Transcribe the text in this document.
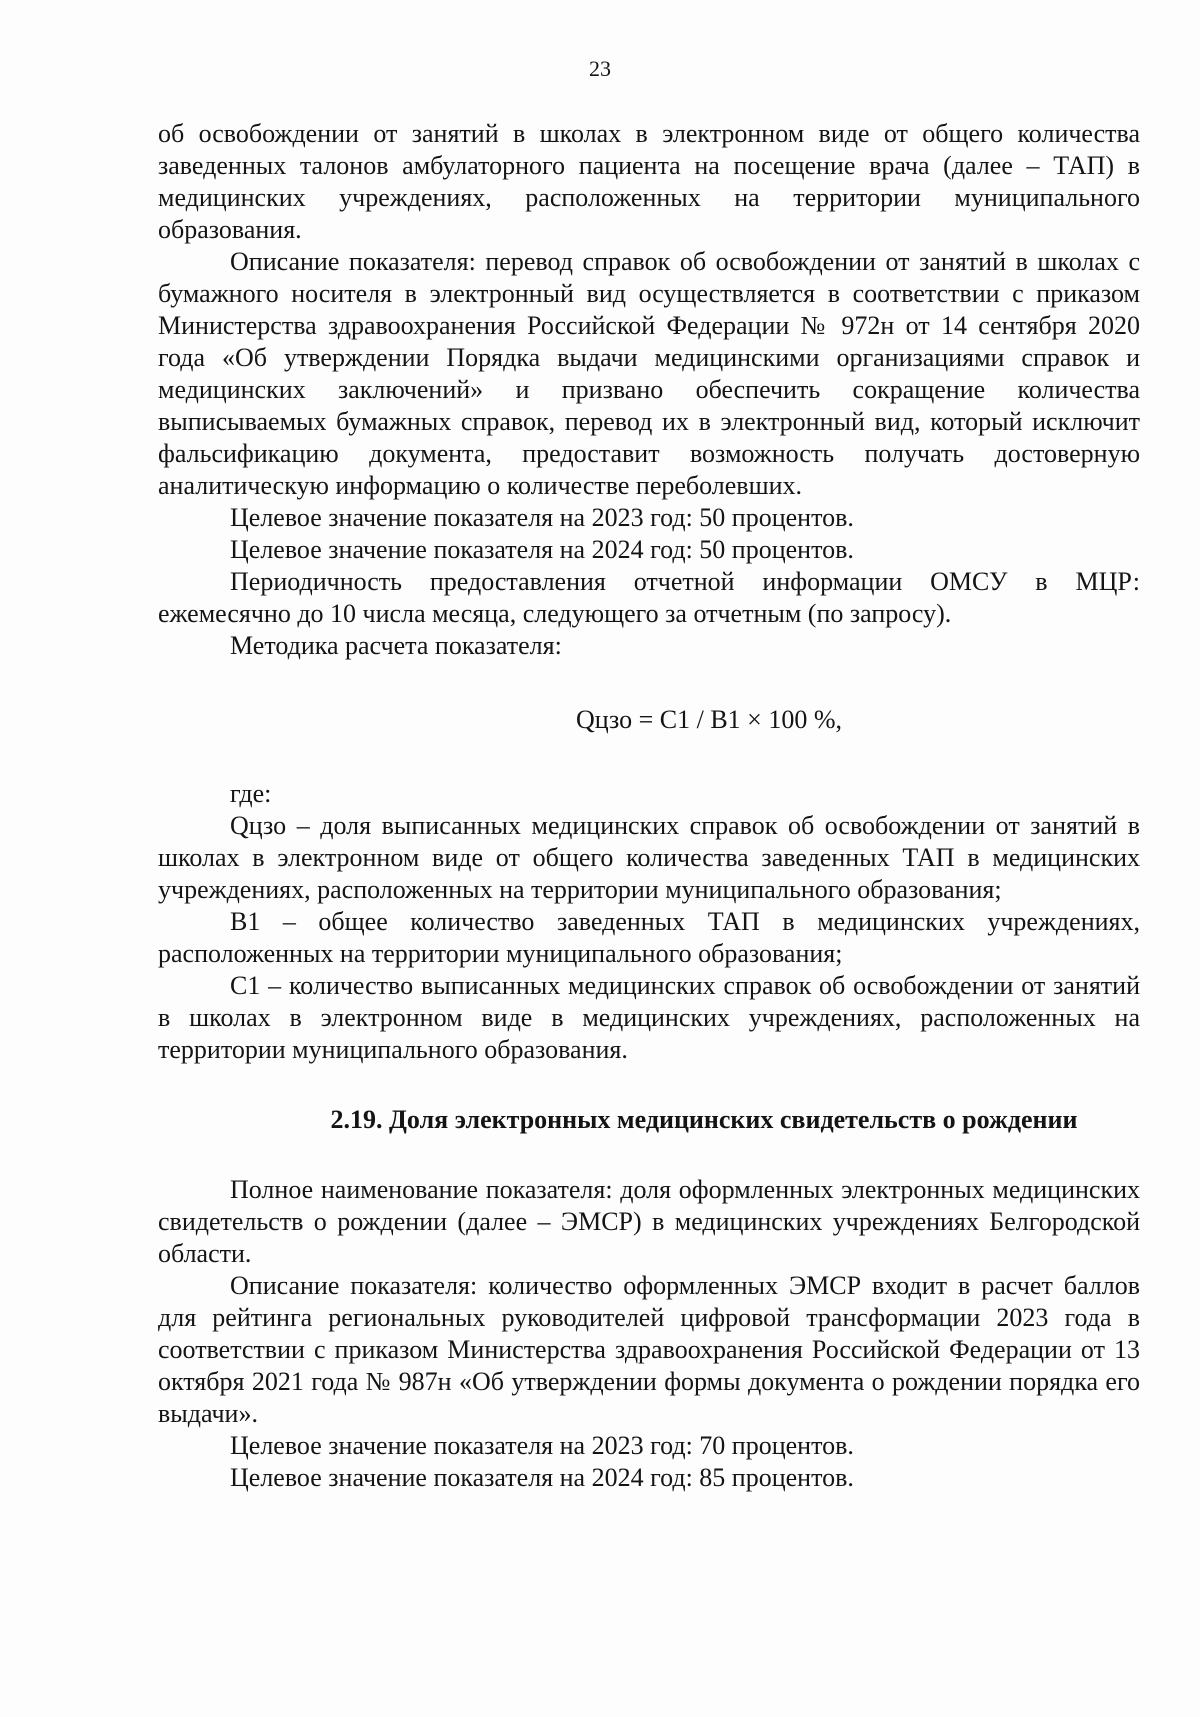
23

об освобождении от занятий в школах в электронном виде от общего количества заведенных талонов амбулаторного пациента на посещение врача (далее – ТАП) в медицинских учреждениях, расположенных на территории муниципального образования.

Описание показателя: перевод справок об освобождении от занятий в школах с бумажного носителя в электронный вид осуществляется в соответствии с приказом Министерства здравоохранения Российской Федерации № 972н от 14 сентября 2020 года «Об утверждении Порядка выдачи медицинскими организациями справок и медицинских заключений» и призвано обеспечить сокращение количества выписываемых бумажных справок, перевод их в электронный вид, который исключит фальсификацию документа, предоставит возможность получать достоверную аналитическую информацию о количестве переболевших.

Целевое значение показателя на 2023 год: 50 процентов.

Целевое значение показателя на 2024 год: 50 процентов.

Периодичность предоставления отчетной информации ОМСУ в МЦР: ежемесячно до 10 числа месяца, следующего за отчетным (по запросу).

Методика расчета показателя:

Qцзо = С1 / В1 × 100 %,

где:

Qцзо – доля выписанных медицинских справок об освобождении от занятий в школах в электронном виде от общего количества заведенных ТАП в медицинских учреждениях, расположенных на территории муниципального образования;

В1 – общее количество заведенных ТАП в медицинских учреждениях, расположенных на территории муниципального образования;

С1 – количество выписанных медицинских справок об освобождении от занятий в школах в электронном виде в медицинских учреждениях, расположенных на территории муниципального образования.

2.19. Доля электронных медицинских свидетельств о рождении

Полное наименование показателя: доля оформленных электронных медицинских свидетельств о рождении (далее – ЭМСР) в медицинских учреждениях Белгородской области.

Описание показателя: количество оформленных ЭМСР входит в расчет баллов для рейтинга региональных руководителей цифровой трансформации 2023 года в соответствии с приказом Министерства здравоохранения Российской Федерации от 13 октября 2021 года № 987н «Об утверждении формы документа о рождении порядка его выдачи».

Целевое значение показателя на 2023 год: 70 процентов.

Целевое значение показателя на 2024 год: 85 процентов.
